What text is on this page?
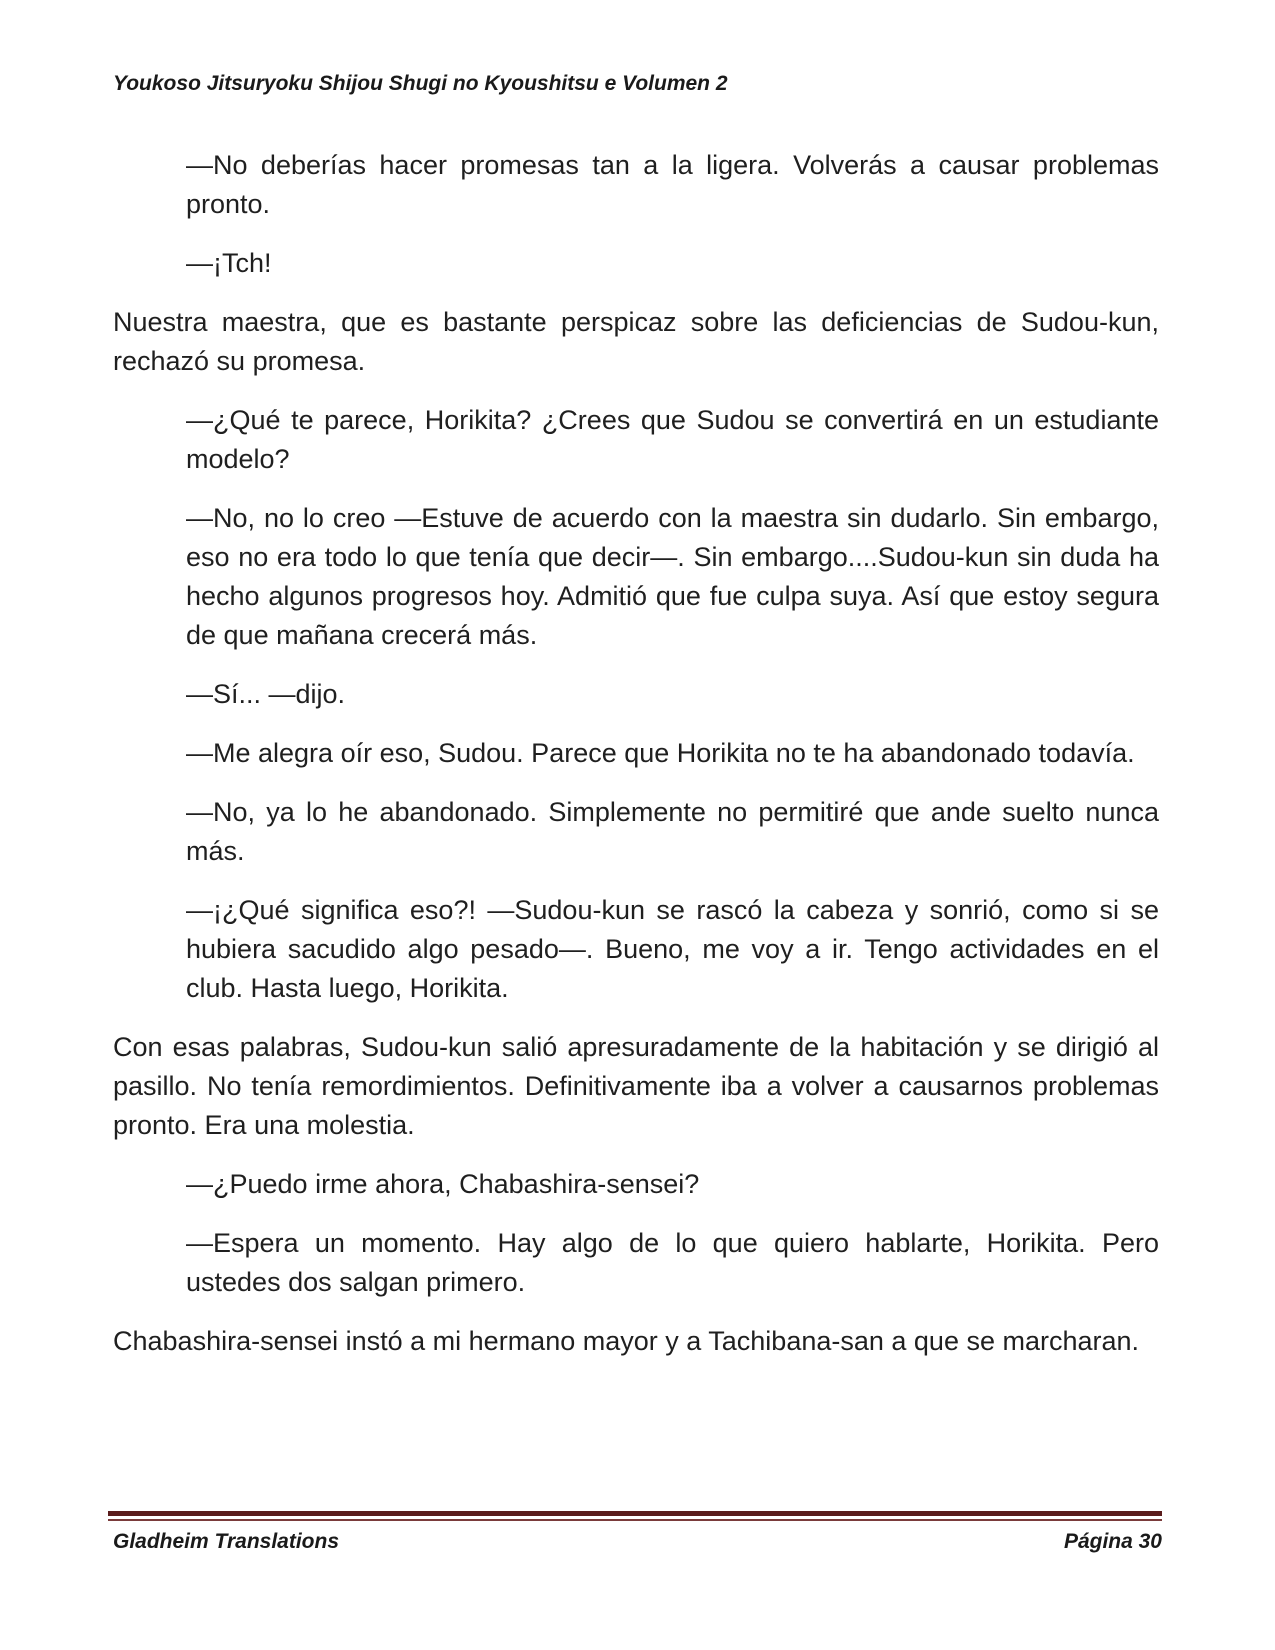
Youkoso Jitsuryoku Shijou Shugi no Kyoushitsu e Volumen 2

—No deberías hacer promesas tan a la ligera. Volverás a causar problemas pronto.

—¡Tch!

Nuestra maestra, que es bastante perspicaz sobre las deficiencias de Sudou-kun, rechazó su promesa.

—¿Qué te parece, Horikita? ¿Crees que Sudou se convertirá en un estudiante modelo?

—No, no lo creo —Estuve de acuerdo con la maestra sin dudarlo. Sin embargo, eso no era todo lo que tenía que decir—. Sin embargo....Sudou-kun sin duda ha hecho algunos progresos hoy. Admitió que fue culpa suya. Así que estoy segura de que mañana crecerá más.

—Sí... —dijo.

—Me alegra oír eso, Sudou. Parece que Horikita no te ha abandonado todavía.

—No, ya lo he abandonado. Simplemente no permitiré que ande suelto nunca más.

—¡¿Qué significa eso?! —Sudou-kun se rascó la cabeza y sonrió, como si se hubiera sacudido algo pesado—. Bueno, me voy a ir. Tengo actividades en el club. Hasta luego, Horikita.

Con esas palabras, Sudou-kun salió apresuradamente de la habitación y se dirigió al pasillo. No tenía remordimientos. Definitivamente iba a volver a causarnos problemas pronto. Era una molestia.

—¿Puedo irme ahora, Chabashira-sensei?

—Espera un momento. Hay algo de lo que quiero hablarte, Horikita. Pero ustedes dos salgan primero.

Chabashira-sensei instó a mi hermano mayor y a Tachibana-san a que se marcharan.

Gladheim Translations	Página 30
